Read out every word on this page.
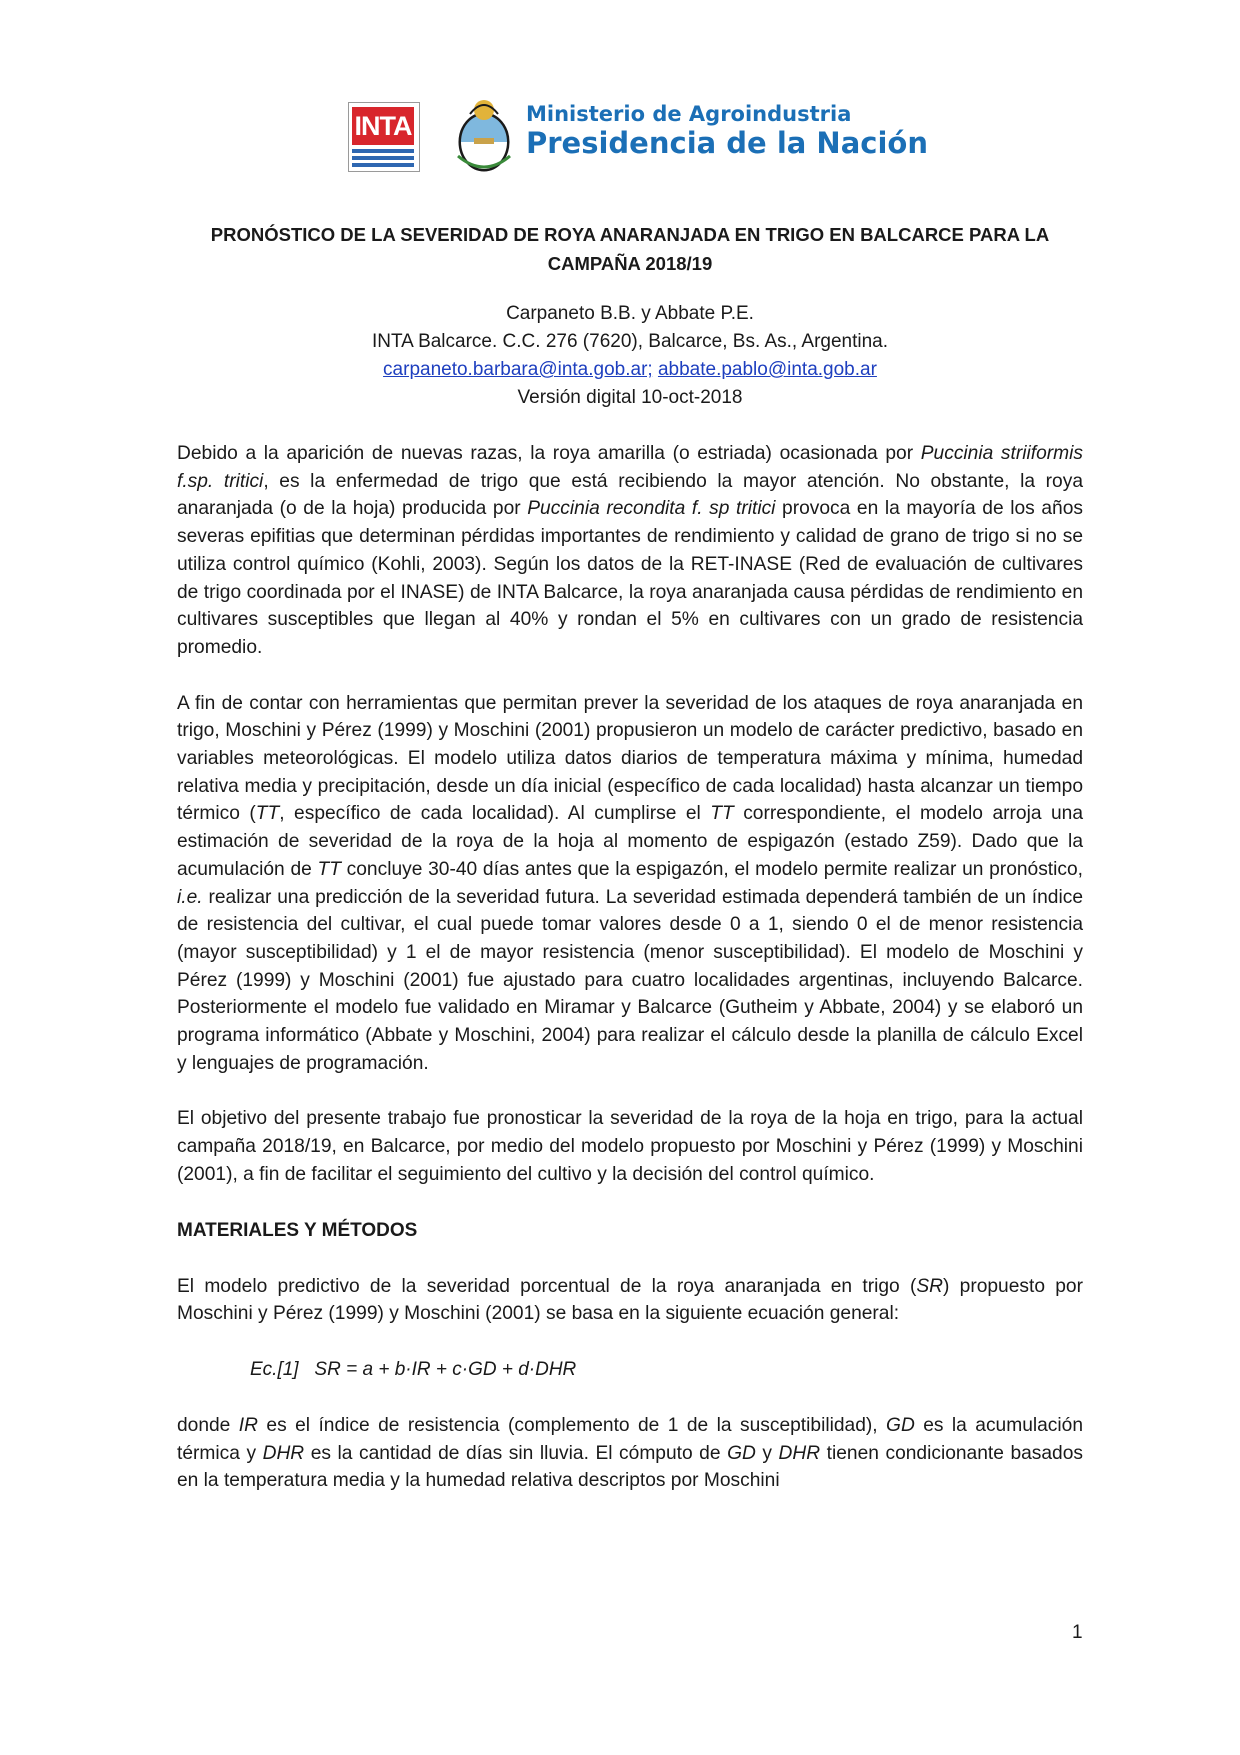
INTA	Ministerio de Agroindustria
Presidencia de la Nación
PRONÓSTICO DE LA SEVERIDAD DE ROYA ANARANJADA EN TRIGO EN BALCARCE PARA LA CAMPAÑA 2018/19
Carpaneto B.B. y Abbate P.E.
INTA Balcarce. C.C. 276 (7620), Balcarce, Bs. As., Argentina.
carpaneto.barbara@inta.gob.ar; abbate.pablo@inta.gob.ar
Versión digital 10-oct-2018

Debido a la aparición de nuevas razas, la roya amarilla (o estriada) ocasionada por Puccinia striiformis f.sp. tritici, es la enfermedad de trigo que está recibiendo la mayor atención. No obstante, la roya anaranjada (o de la hoja) producida por Puccinia recondita f. sp tritici provoca en la mayoría de los años severas epifitias que determinan pérdidas importantes de rendimiento y calidad de grano de trigo si no se utiliza control químico (Kohli, 2003). Según los datos de la RET-INASE (Red de evaluación de cultivares de trigo coordinada por el INASE) de INTA Balcarce, la roya anaranjada causa pérdidas de rendimiento en cultivares susceptibles que llegan al 40% y rondan el 5% en cultivares con un grado de resistencia promedio.

A fin de contar con herramientas que permitan prever la severidad de los ataques de roya anaranjada en trigo, Moschini y Pérez (1999) y Moschini (2001) propusieron un modelo de carácter predictivo, basado en variables meteorológicas. El modelo utiliza datos diarios de temperatura máxima y mínima, humedad relativa media y precipitación, desde un día inicial (específico de cada localidad) hasta alcanzar un tiempo térmico (TT, específico de cada localidad). Al cumplirse el TT correspondiente, el modelo arroja una estimación de severidad de la roya de la hoja al momento de espigazón (estado Z59). Dado que la acumulación de TT concluye 30-40 días antes que la espigazón, el modelo permite realizar un pronóstico, i.e. realizar una predicción de la severidad futura. La severidad estimada dependerá también de un índice de resistencia del cultivar, el cual puede tomar valores desde 0 a 1, siendo 0 el de menor resistencia (mayor susceptibilidad) y 1 el de mayor resistencia (menor susceptibilidad). El modelo de Moschini y Pérez (1999) y Moschini (2001) fue ajustado para cuatro localidades argentinas, incluyendo Balcarce. Posteriormente el modelo fue validado en Miramar y Balcarce (Gutheim y Abbate, 2004) y se elaboró un programa informático (Abbate y Moschini, 2004) para realizar el cálculo desde la planilla de cálculo Excel y lenguajes de programación.

El objetivo del presente trabajo fue pronosticar la severidad de la roya de la hoja en trigo, para la actual campaña 2018/19, en Balcarce, por medio del modelo propuesto por Moschini y Pérez (1999) y Moschini (2001), a fin de facilitar el seguimiento del cultivo y la decisión del control químico.

MATERIALES Y MÉTODOS

El modelo predictivo de la severidad porcentual de la roya anaranjada en trigo (SR) propuesto por Moschini y Pérez (1999) y Moschini (2001) se basa en la siguiente ecuación general:

Ec.[1] SR = a + b·IR + c·GD + d·DHR

donde IR es el índice de resistencia (complemento de 1 de la susceptibilidad), GD es la acumulación térmica y DHR es la cantidad de días sin lluvia. El cómputo de GD y DHR tienen condicionante basados en la temperatura media y la humedad relativa descriptos por Moschini

1
